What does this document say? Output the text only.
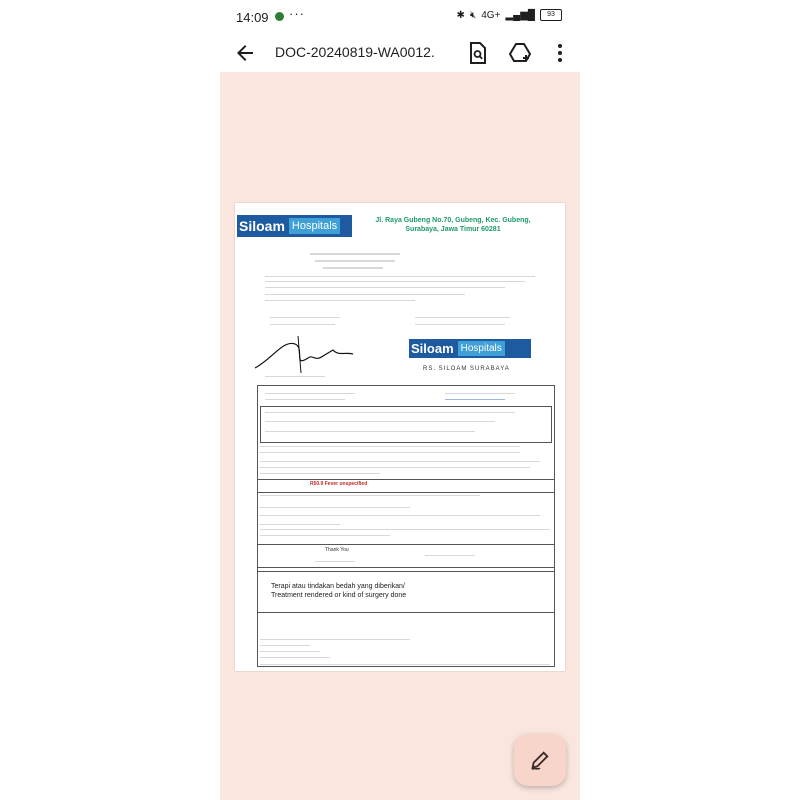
14:09 ···	✱ 🔇︎ 4G+ ▂▄▆█	93
DOC-20240819-WA0012.
Siloam Hospitals	Jl. Raya Gubeng No.70, Gubeng, Kec. Gubeng, Surabaya, Jawa Timur 60281
Siloam Hospitals
RS. SILOAM SURABAYA
R50.9 Fever unspecified
Thank You
Terapi atau tindakan bedah yang diberikan/
Treatment rendered or kind of surgery done
